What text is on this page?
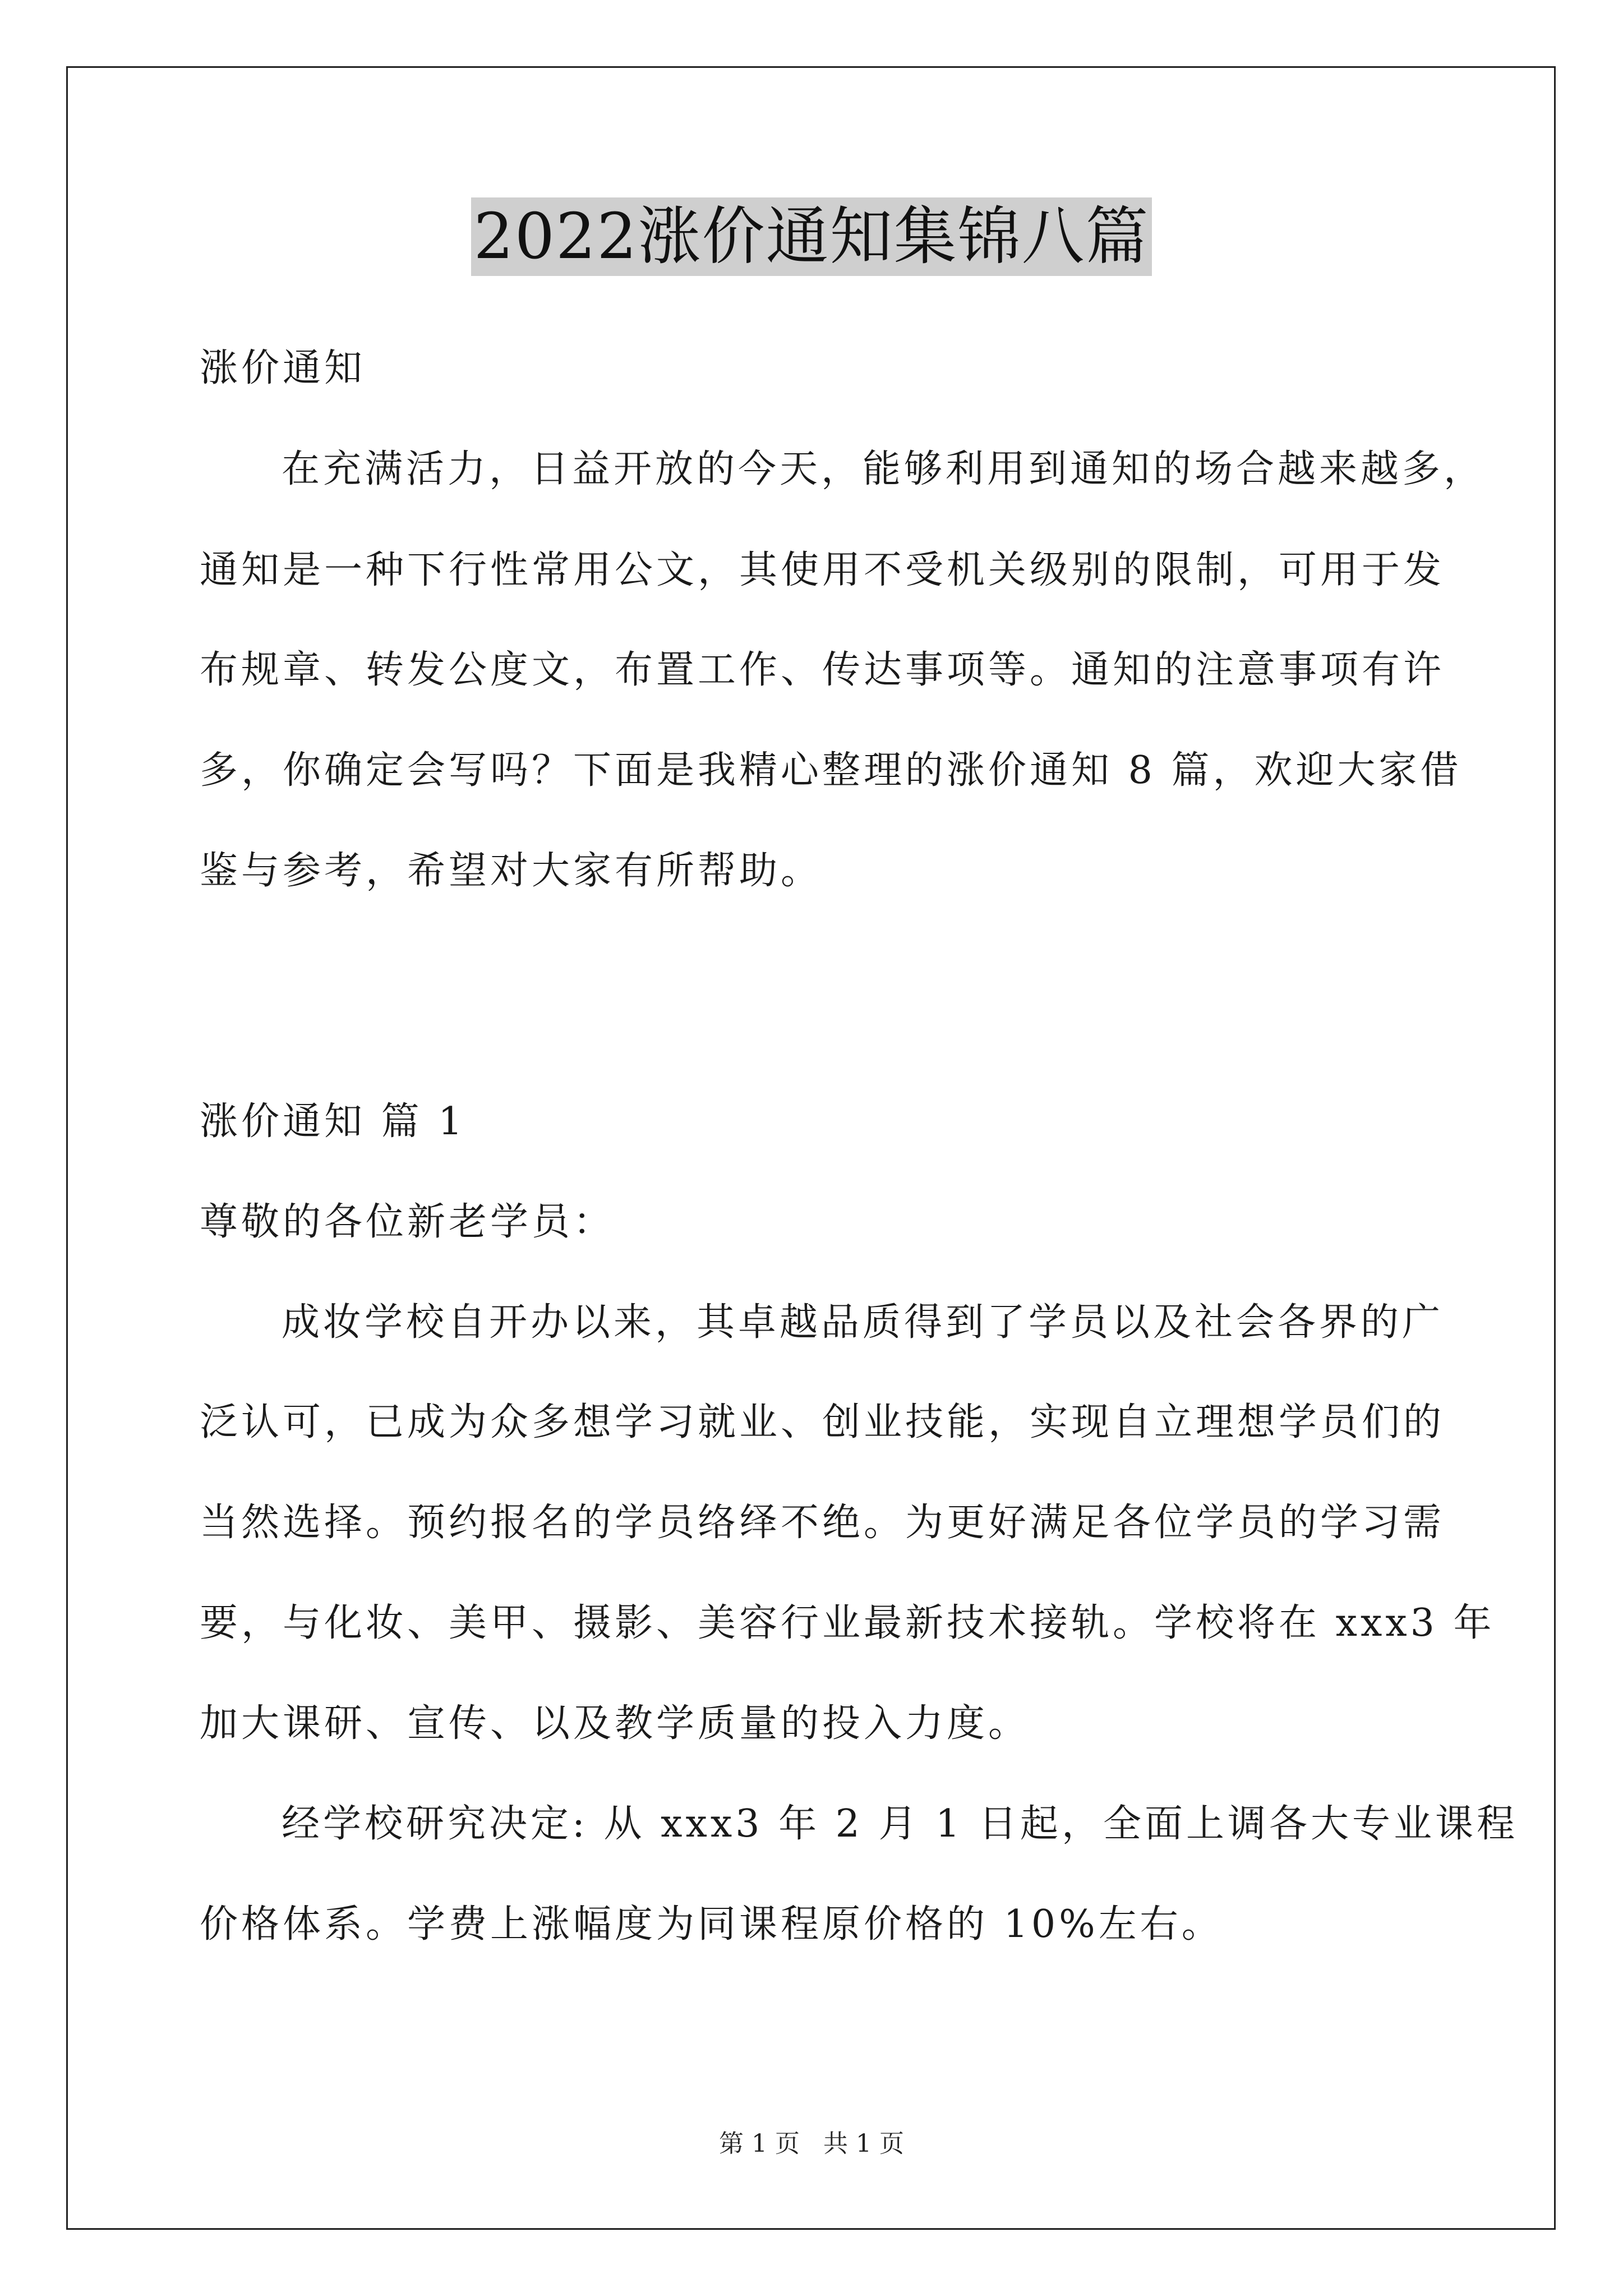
2022涨价通知集锦八篇
涨价通知
在充满活力，日益开放的今天，能够利用到通知的场合越来越多，
通知是一种下行性常用公文，其使用不受机关级别的限制，可用于发
布规章、转发公度文，布置工作、传达事项等。通知的注意事项有许
多，你确定会写吗？下面是我精心整理的涨价通知 8 篇，欢迎大家借
鉴与参考，希望对大家有所帮助。
涨价通知 篇 1
尊敬的各位新老学员：
成妆学校自开办以来，其卓越品质得到了学员以及社会各界的广
泛认可，已成为众多想学习就业、创业技能，实现自立理想学员们的
当然选择。预约报名的学员络绎不绝。为更好满足各位学员的学习需
要，与化妆、美甲、摄影、美容行业最新技术接轨。学校将在 xxx3 年
加大课研、宣传、以及教学质量的投入力度。
经学校研究决定: 从 xxx3 年 2 月 1 日起，全面上调各大专业课程
价格体系。学费上涨幅度为同课程原价格的 10%左右。
第 1 页 共 1 页
